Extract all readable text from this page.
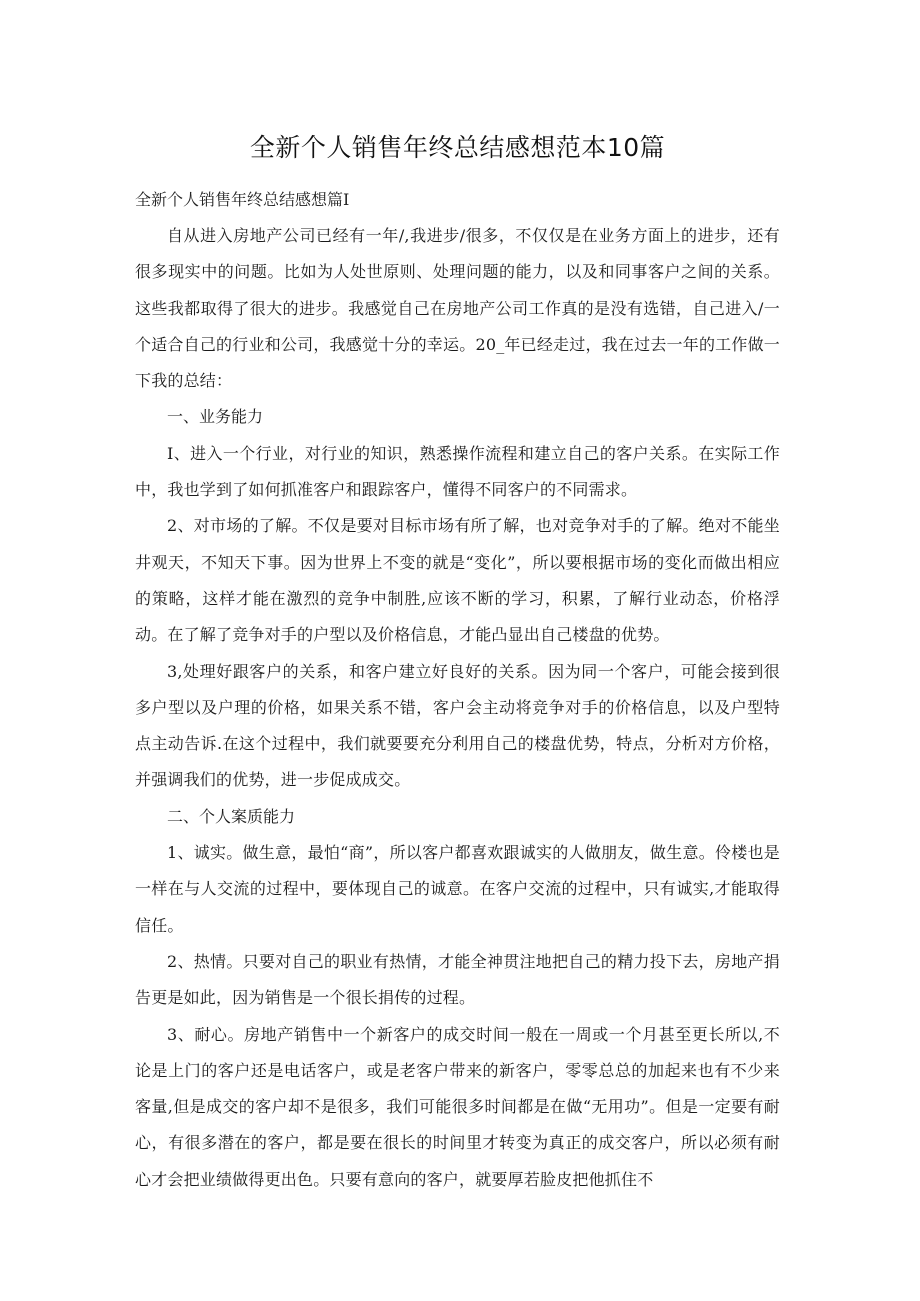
全新个人销售年终总结感想范本10篇

全新个人销售年终总结感想篇I

自从进入房地产公司已经有一年/,我进步/很多，不仅仅是在业务方面上的进步，还有很多现实中的问题。比如为人处世原则、处理问题的能力，以及和同事客户之间的关系。这些我都取得了很大的进步。我感觉自己在房地产公司工作真的是没有选错，自己进入/一个适合自己的行业和公司，我感觉十分的幸运。20_年已经走过，我在过去一年的工作做一下我的总结：

一、业务能力

I、进入一个行业，对行业的知识，熟悉操作流程和建立自己的客户关系。在实际工作中，我也学到了如何抓准客户和跟踪客户，懂得不同客户的不同需求。

2、对市场的了解。不仅是要对目标市场有所了解，也对竞争对手的了解。绝对不能坐井观天，不知天下事。因为世界上不变的就是“变化”，所以要根据市场的变化而做出相应的策略，这样才能在激烈的竞争中制胜,应该不断的学习，积累，了解行业动态，价格浮动。在了解了竞争对手的户型以及价格信息，才能凸显出自己楼盘的优势。

3,处理好跟客户的关系，和客户建立好良好的关系。因为同一个客户，可能会接到很多户型以及户理的价格，如果关系不错，客户会主动将竞争对手的价格信息，以及户型特点主动告诉.在这个过程中，我们就要要充分利用自己的楼盘优势，特点，分析对方价格，并强调我们的优势，进一步促成成交。

二、个人案质能力

1、诚实。做生意，最怕“商”，所以客户都喜欢跟诚实的人做朋友，做生意。伶楼也是一样在与人交流的过程中，要体现自己的诚意。在客户交流的过程中，只有诚实,才能取得信任。

2、热情。只要对自己的职业有热情，才能全神贯注地把自己的精力投下去，房地产捐告更是如此，因为销售是一个很长捐传的过程。

3、耐心。房地产销售中一个新客户的成交时间一般在一周或一个月甚至更长所以,不论是上门的客户还是电话客户，或是老客户带来的新客户，零零总总的加起来也有不少来客量,但是成交的客户却不是很多，我们可能很多时间都是在做“无用功”。但是一定要有耐心，有很多潜在的客户，都是要在很长的时间里才转变为真正的成交客户，所以必须有耐心才会把业绩做得更出色。只要有意向的客户，就要厚若脸皮把他抓住不
